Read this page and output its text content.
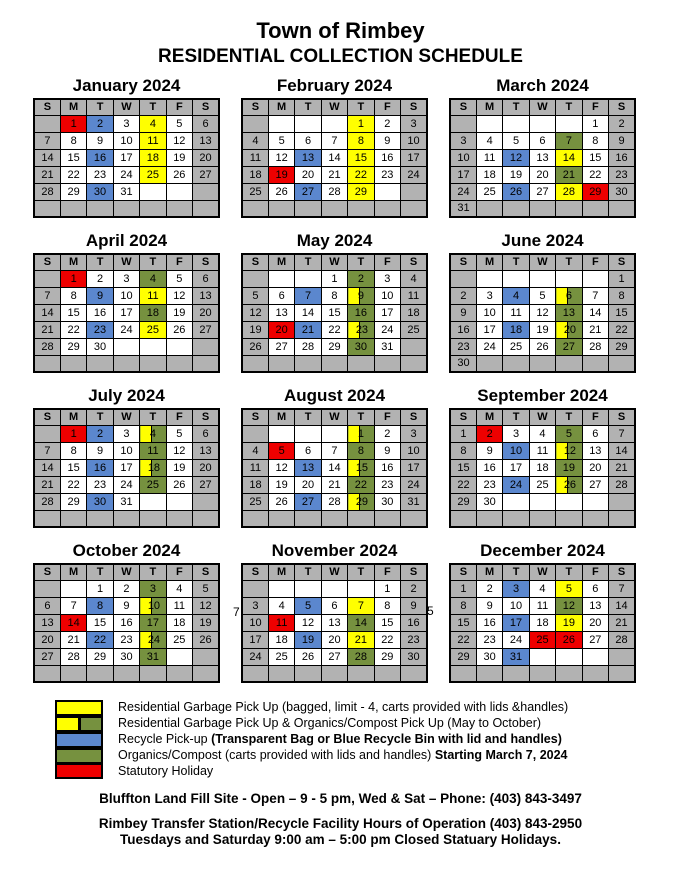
Town of Rimbey
RESIDENTIAL COLLECTION SCHEDULE
January 2024
S	M	T	W	T	F	S
	1	2	3	4	5	6
7	8	9	10	11	12	13
14	15	16	17	18	19	20
21	22	23	24	25	26	27
28	29	30	31			

February 2024
S	M	T	W	T	F	S
				1	2	3
4	5	6	7	8	9	10
11	12	13	14	15	16	17
18	19	20	21	22	23	24
25	26	27	28	29		

March 2024
S	M	T	W	T	F	S
					1	2
3	4	5	6	7	8	9
10	11	12	13	14	15	16
17	18	19	20	21	22	23
24	25	26	27	28	29	30
31						
April 2024
S	M	T	W	T	F	S
	1	2	3	4	5	6
7	8	9	10	11	12	13
14	15	16	17	18	19	20
21	22	23	24	25	26	27
28	29	30				

May 2024
S	M	T	W	T	F	S
			1	2	3	4
5	6	7	8	9	10	11
12	13	14	15	16	17	18
19	20	21	22	23	24	25
26	27	28	29	30	31	

June 2024
S	M	T	W	T	F	S
						1
2	3	4	5	6	7	8
9	10	11	12	13	14	15
16	17	18	19	20	21	22
23	24	25	26	27	28	29
30						
July 2024
S	M	T	W	T	F	S
	1	2	3	4	5	6
7	8	9	10	11	12	13
14	15	16	17	18	19	20
21	22	23	24	25	26	27
28	29	30	31			

August 2024
S	M	T	W	T	F	S
				1	2	3
4	5	6	7	8	9	10
11	12	13	14	15	16	17
18	19	20	21	22	23	24
25	26	27	28	29	30	31

September 2024
S	M	T	W	T	F	S
1	2	3	4	5	6	7
8	9	10	11	12	13	14
15	16	17	18	19	20	21
22	23	24	25	26	27	28
29	30					

October 2024
S	M	T	W	T	F	S
		1	2	3	4	5
6	7	8	9	10	11	12
13	14	15	16	17	18	19
20	21	22	23	24	25	26
27	28	29	30	31		

November 2024
S	M	T	W	T	F	S
					1	2
3	4	5	6	7	8	9
10	11	12	13	14	15	16
17	18	19	20	21	22	23
24	25	26	27	28	29	30

December 2024
S	M	T	W	T	F	S
1	2	3	4	5	6	7
8	9	10	11	12	13	14
15	16	17	18	19	20	21
22	23	24	25	26	27	28
29	30	31				

7	5
Residential Garbage Pick Up (bagged, limit - 4, carts provided with lids &handles)
Residential Garbage Pick Up & Organics/Compost Pick Up (May to October)
Recycle Pick-up (Transparent Bag or Blue Recycle Bin with lid and handles)
Organics/Compost (carts provided with lids and handles) Starting March 7, 2024
Statutory Holiday
Bluffton Land Fill Site - Open – 9 - 5 pm, Wed & Sat – Phone: (403) 843-3497
Rimbey Transfer Station/Recycle Facility Hours of Operation (403) 843-2950
Tuesdays and Saturday 9:00 am – 5:00 pm Closed Statuary Holidays.
